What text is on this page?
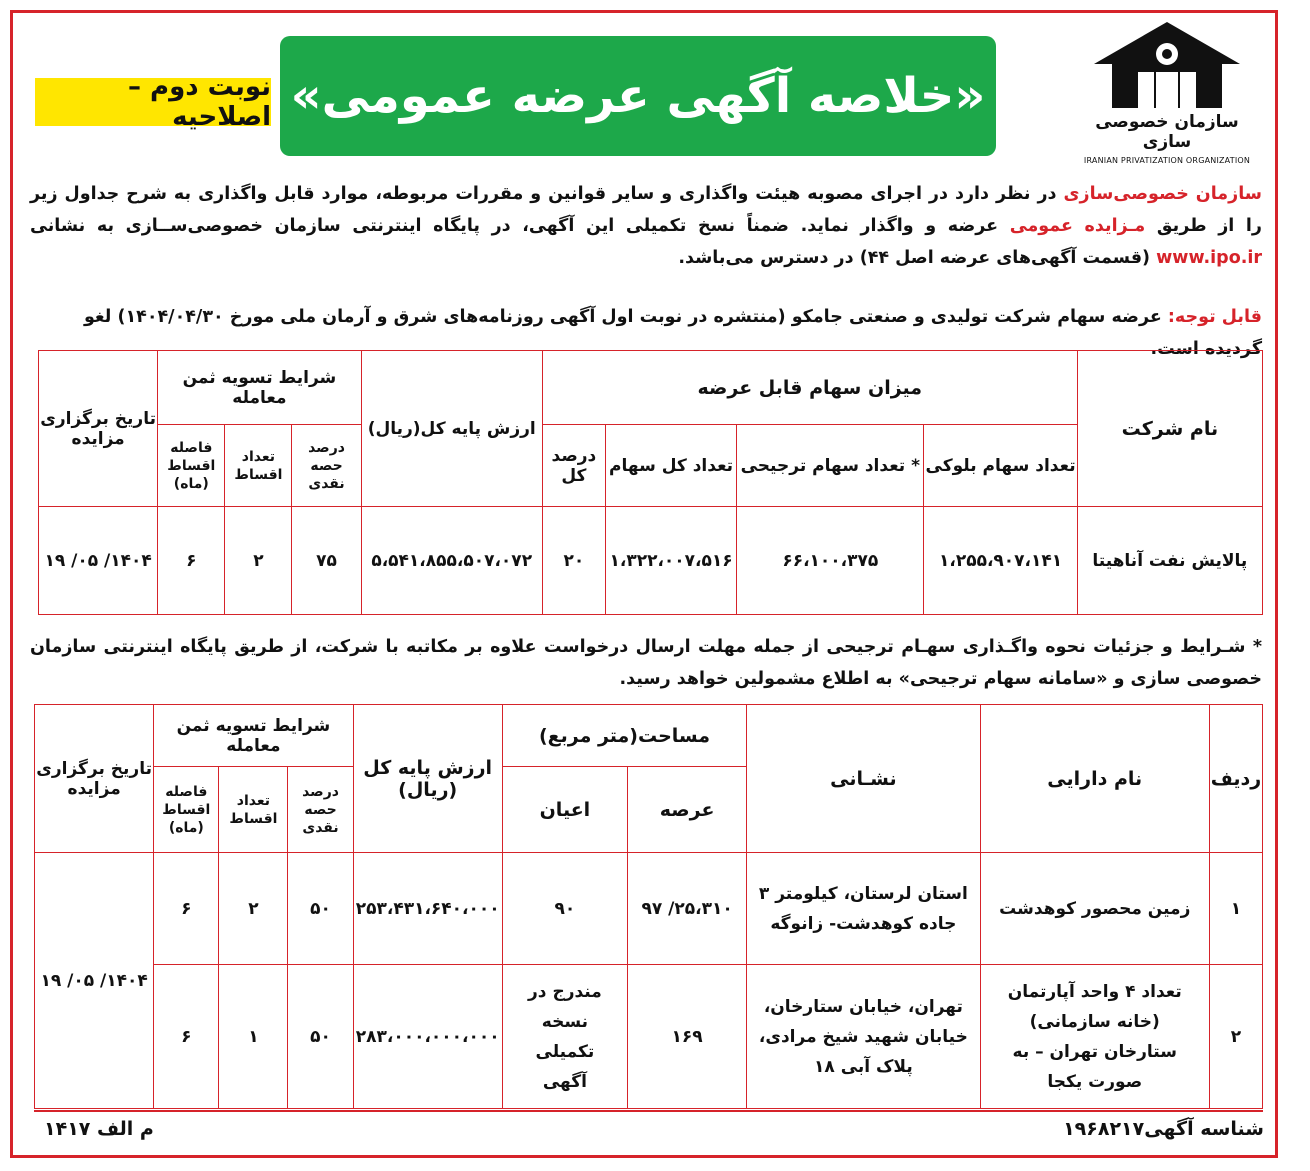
سازمان خصوصی سازی
IRANIAN PRIVATIZATION ORGANIZATION
«خلاصه آگهی عرضه عمومی»
نوبت دوم – اصلاحیه
سازمان خصوصی‌سازی در نظر دارد در اجرای مصوبه هیئت واگذاری و سایر قوانین و مقررات مربوطه، موارد قابل واگذاری به شرح جداول زیر را از طریق مـزایده عمومی عرضه و واگذار نماید. ضمناً نسخ تکمیلی این آگهی، در پایگاه اینترنتی سازمان خصوصی‌ســازی به نشانی www.ipo.ir (قسمت آگهی‌های عرضه اصل ۴۴) در دسترس می‌باشد.
قابل توجه: عرضه سهام شرکت تولیدی و صنعتی جامکو (منتشره در نوبت اول آگهی روزنامه‌های شرق و آرمان ملی مورخ ۱۴۰۴/۰۴/۳۰) لغو گردیده است.
نام شرکت	میزان سهام قابل عرضه				ارزش پایه کل(ریال)	شرایط تسویه ثمن معامله			تاریخ برگزاری مزایده
	تعداد سهام بلوکی	* تعداد سهام ترجیحی	تعداد کل سهام	درصد کل		درصد حصه نقدی	تعداد اقساط	فاصله اقساط (ماه)	
پالایش نفت آناهیتا	۱،۲۵۵،۹۰۷،۱۴۱	۶۶،۱۰۰،۳۷۵	۱،۳۲۲،۰۰۷،۵۱۶	۲۰	۵،۵۴۱،۸۵۵،۵۰۷،۰۷۲	۷۵	۲	۶	۱۴۰۴/ ۰۵/ ۱۹
* شـرایط و جزئیات نحوه واگـذاری سهـام ترجیحی از جمله مهلت ارسال درخواست علاوه بر مکاتبه با شرکت، از طریق پایگاه اینترنتی سازمان خصوصی سازی و «سامانه سهام ترجیحی» به اطلاع مشمولین خواهد رسید.
ردیف	نام دارایی	نشـانی	مساحت(متر مربع)		ارزش پایه کل (ریال)	شرایط تسویه ثمن معامله			تاریخ برگزاری مزایده
			عرصه	اعیان		درصد حصه نقدی	تعداد اقساط	فاصله اقساط (ماه)	
۱	زمین محصور کوهدشت	استان لرستان، کیلومتر ۳ جاده کوهدشت- زانوگه	۲۵،۳۱۰/ ۹۷	۹۰	۲۵۳،۴۳۱،۶۴۰،۰۰۰	۵۰	۲	۶	۱۴۰۴/ ۰۵/ ۱۹
۲	تعداد ۴ واحد آپارتمان (خانه سازمانی) ستارخان تهران – به صورت یکجا	تهران، خیابان ستارخان، خیابان شهید شیخ مرادی، پلاک آبی ۱۸	۱۶۹	مندرج در نسخه تکمیلی آگهی	۲۸۳،۰۰۰،۰۰۰،۰۰۰	۵۰	۱	۶	
شناسه آگهی۱۹۶۸۲۱۷
م الف ۱۴۱۷
